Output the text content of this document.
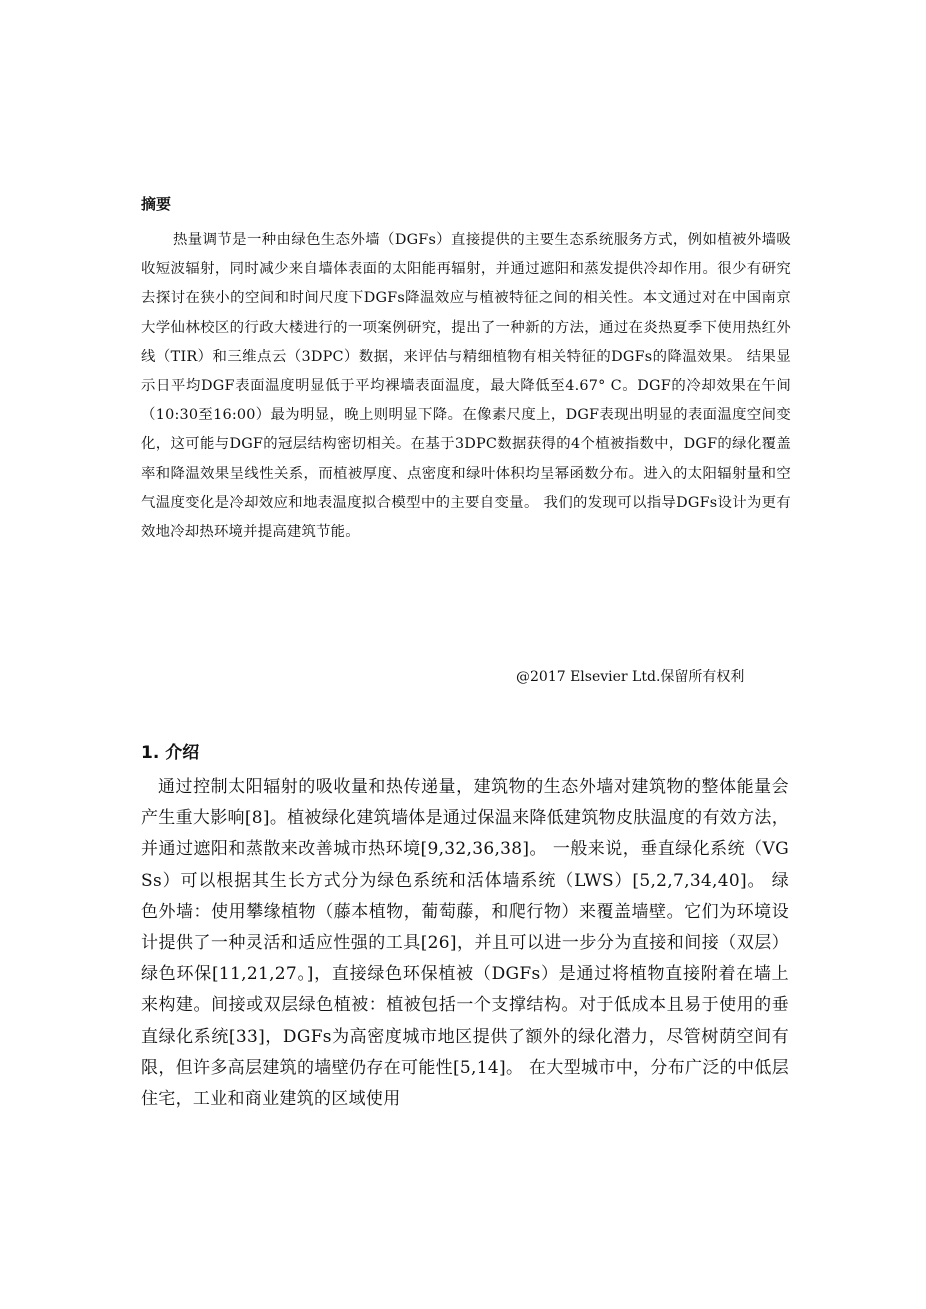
摘要

热量调节是一种由绿色生态外墙（DGFs）直接提供的主要生态系统服务方式，例如植被外墙吸收短波辐射，同时减少来自墙体表面的太阳能再辐射，并通过遮阳和蒸发提供冷却作用。很少有研究去探讨在狭小的空间和时间尺度下DGFs降温效应与植被特征之间的相关性。本文通过对在中国南京大学仙林校区的行政大楼进行的一项案例研究，提出了一种新的方法，通过在炎热夏季下使用热红外线（TIR）和三维点云（3DPC）数据，来评估与精细植物有相关特征的DGFs的降温效果。 结果显示日平均DGF表面温度明显低于平均裸墙表面温度，最大降低至4.67° C。DGF的冷却效果在午间（10:30至16:00）最为明显，晚上则明显下降。在像素尺度上，DGF表现出明显的表面温度空间变化，这可能与DGF的冠层结构密切相关。在基于3DPC数据获得的4个植被指数中，DGF的绿化覆盖率和降温效果呈线性关系，而植被厚度、点密度和绿叶体积均呈幂函数分布。进入的太阳辐射量和空气温度变化是冷却效应和地表温度拟合模型中的主要自变量。 我们的发现可以指导DGFs设计为更有效地冷却热环境并提高建筑节能。

@2017 Elsevier Ltd.保留所有权利

1. 介绍

通过控制太阳辐射的吸收量和热传递量，建筑物的生态外墙对建筑物的整体能量会产生重大影响[8]。植被绿化建筑墙体是通过保温来降低建筑物皮肤温度的有效方法，并通过遮阳和蒸散来改善城市热环境[9,32,36,38]。 一般来说，垂直绿化系统（VGSs）可以根据其生长方式分为绿色系统和活体墙系统（LWS）[5,2,7,34,40]。 绿色外墙：使用攀缘植物（藤本植物，葡萄藤，和爬行物）来覆盖墙壁。它们为环境设计提供了一种灵活和适应性强的工具[26]，并且可以进一步分为直接和间接（双层）绿色环保[11,21,27。]，直接绿色环保植被（DGFs）是通过将植物直接附着在墙上来构建。间接或双层绿色植被：植被包括一个支撑结构。对于低成本且易于使用的垂直绿化系统[33]，DGFs为高密度城市地区提供了额外的绿化潜力，尽管树荫空间有限，但许多高层建筑的墙壁仍存在可能性[5,14]。 在大型城市中，分布广泛的中低层住宅，工业和商业建筑的区域使用
